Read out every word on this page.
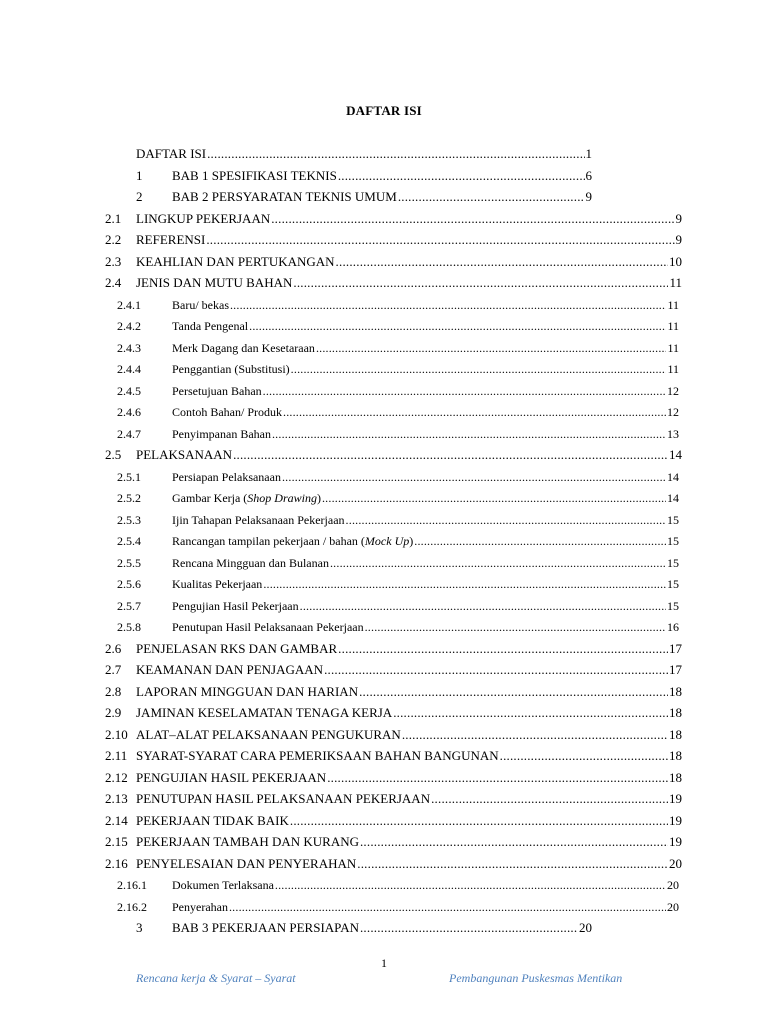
DAFTAR ISI
DAFTAR ISI .....	1
1 BAB 1 SPESIFIKASI TEKNIS .....	6
2 BAB 2 PERSYARATAN TEKNIS UMUM .....	9
2.1 LINGKUP PEKERJAAN .....	9
2.2 REFERENSI .....	9
2.3 KEAHLIAN DAN PERTUKANGAN .....	10
2.4 JENIS DAN MUTU BAHAN .....	11
2.4.1	Baru/ bekas .....	11
2.4.2	Tanda Pengenal .....	11
2.4.3	Merk Dagang dan Kesetaraan .....	11
2.4.4	Penggantian (Substitusi) .....	11
2.4.5	Persetujuan Bahan .....	12
2.4.6	Contoh Bahan/ Produk .....	12
2.4.7	Penyimpanan Bahan .....	13
2.5 PELAKSANAAN .....	14
2.5.1	Persiapan Pelaksanaan .....	14
2.5.2	Gambar Kerja (Shop Drawing) .....	14
2.5.3	Ijin Tahapan Pelaksanaan Pekerjaan .....	15
2.5.4	Rancangan tampilan pekerjaan / bahan (Mock Up) .....	15
2.5.5	Rencana Mingguan dan Bulanan .....	15
2.5.6	Kualitas Pekerjaan .....	15
2.5.7	Pengujian Hasil Pekerjaan .....	15
2.5.8	Penutupan Hasil Pelaksanaan Pekerjaan .....	16
2.6 PENJELASAN RKS DAN GAMBAR .....	17
2.7 KEAMANAN DAN PENJAGAAN .....	17
2.8 LAPORAN MINGGUAN DAN HARIAN .....	18
2.9 JAMINAN KESELAMATAN TENAGA KERJA .....	18
2.10 ALAT–ALAT PELAKSANAAN PENGUKURAN .....	18
2.11 SYARAT-SYARAT CARA PEMERIKSAAN BAHAN BANGUNAN .....	18
2.12 PENGUJIAN HASIL PEKERJAAN .....	18
2.13 PENUTUPAN HASIL PELAKSANAAN PEKERJAAN .....	19
2.14 PEKERJAAN TIDAK BAIK .....	19
2.15 PEKERJAAN TAMBAH DAN KURANG .....	19
2.16 PENYELESAIAN DAN PENYERAHAN .....	20
2.16.1 Dokumen Terlaksana .....	20
2.16.2 Penyerahan .....	20
3 BAB 3 PEKERJAAN PERSIAPAN .....	20
1
Rencana kerja & Syarat – Syarat	Pembangunan Puskesmas Mentikan
